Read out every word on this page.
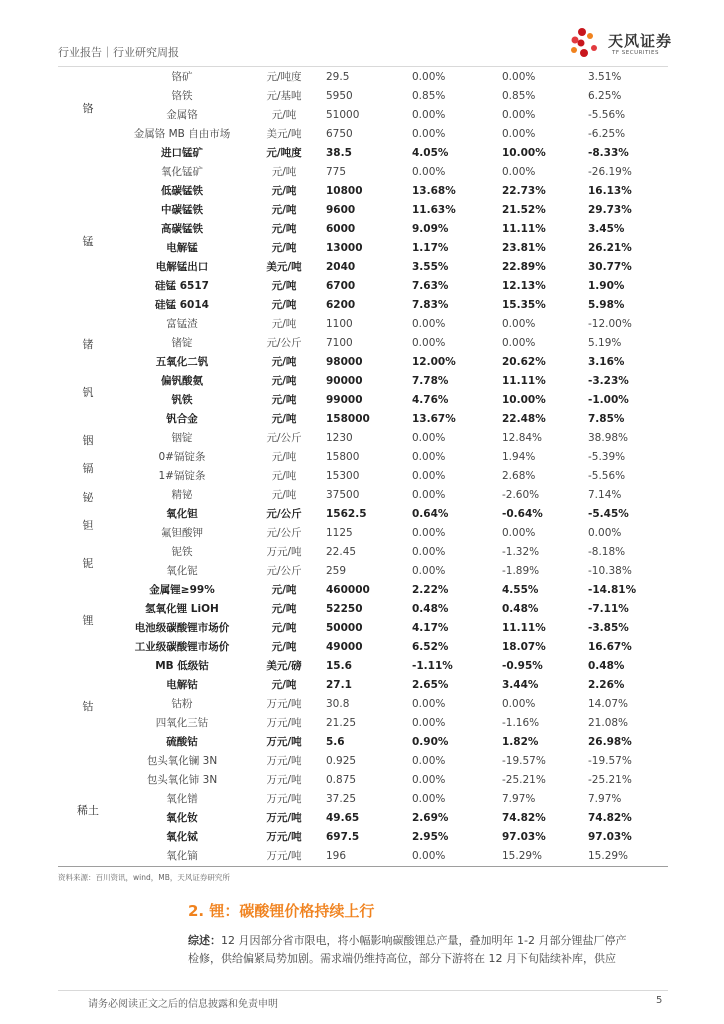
行业报告｜行业研究周报
天风证券
TF SECURITIES
铬
锰
锗
钒
铟
镉
铋
钽
铌
锂
钴
稀土
铬矿	元/吨度	29.5	0.00%	0.00%	3.51%
铬铁	元/基吨	5950	0.85%	0.85%	6.25%
金属铬	元/吨	51000	0.00%	0.00%	-5.56%
金属铬 MB 自由市场	美元/吨	6750	0.00%	0.00%	-6.25%
进口锰矿	元/吨度	38.5	4.05%	10.00%	-8.33%
氧化锰矿	元/吨	775	0.00%	0.00%	-26.19%
低碳锰铁	元/吨	10800	13.68%	22.73%	16.13%
中碳锰铁	元/吨	9600	11.63%	21.52%	29.73%
高碳锰铁	元/吨	6000	9.09%	11.11%	3.45%
电解锰	元/吨	13000	1.17%	23.81%	26.21%
电解锰出口	美元/吨	2040	3.55%	22.89%	30.77%
硅锰 6517	元/吨	6700	7.63%	12.13%	1.90%
硅锰 6014	元/吨	6200	7.83%	15.35%	5.98%
富锰渣	元/吨	1100	0.00%	0.00%	-12.00%
锗锭	元/公斤	7100	0.00%	0.00%	5.19%
五氧化二钒	元/吨	98000	12.00%	20.62%	3.16%
偏钒酸氨	元/吨	90000	7.78%	11.11%	-3.23%
钒铁	元/吨	99000	4.76%	10.00%	-1.00%
钒合金	元/吨	158000	13.67%	22.48%	7.85%
铟锭	元/公斤	1230	0.00%	12.84%	38.98%
0#镉锭条	元/吨	15800	0.00%	1.94%	-5.39%
1#镉锭条	元/吨	15300	0.00%	2.68%	-5.56%
精铋	元/吨	37500	0.00%	-2.60%	7.14%
氧化钽	元/公斤	1562.5	0.64%	-0.64%	-5.45%
氟钽酸钾	元/公斤	1125	0.00%	0.00%	0.00%
铌铁	万元/吨	22.45	0.00%	-1.32%	-8.18%
氧化铌	元/公斤	259	0.00%	-1.89%	-10.38%
金属锂≥99%	元/吨	460000	2.22%	4.55%	-14.81%
氢氧化锂 LiOH	元/吨	52250	0.48%	0.48%	-7.11%
电池级碳酸锂市场价	元/吨	50000	4.17%	11.11%	-3.85%
工业级碳酸锂市场价	元/吨	49000	6.52%	18.07%	16.67%
MB 低级钴	美元/磅	15.6	-1.11%	-0.95%	0.48%
电解钴	元/吨	27.1	2.65%	3.44%	2.26%
钴粉	万元/吨	30.8	0.00%	0.00%	14.07%
四氧化三钴	万元/吨	21.25	0.00%	-1.16%	21.08%
硫酸钴	万元/吨	5.6	0.90%	1.82%	26.98%
包头氧化镧 3N	万元/吨	0.925	0.00%	-19.57%	-19.57%
包头氧化铈 3N	万元/吨	0.875	0.00%	-25.21%	-25.21%
氧化镨	万元/吨	37.25	0.00%	7.97%	7.97%
氧化钕	万元/吨	49.65	2.69%	74.82%	74.82%
氧化铽	万元/吨	697.5	2.95%	97.03%	97.03%
氧化镝	万元/吨	196	0.00%	15.29%	15.29%
资料来源：百川资讯，wind，MB，天风证券研究所
2. 锂：碳酸锂价格持续上行
综述：12 月因部分省市限电，将小幅影响碳酸锂总产量，叠加明年 1-2 月部分锂盐厂停产
检修，供给偏紧局势加剧。需求端仍维持高位，部分下游将在 12 月下旬陆续补库，供应
请务必阅读正文之后的信息披露和免责申明	5
